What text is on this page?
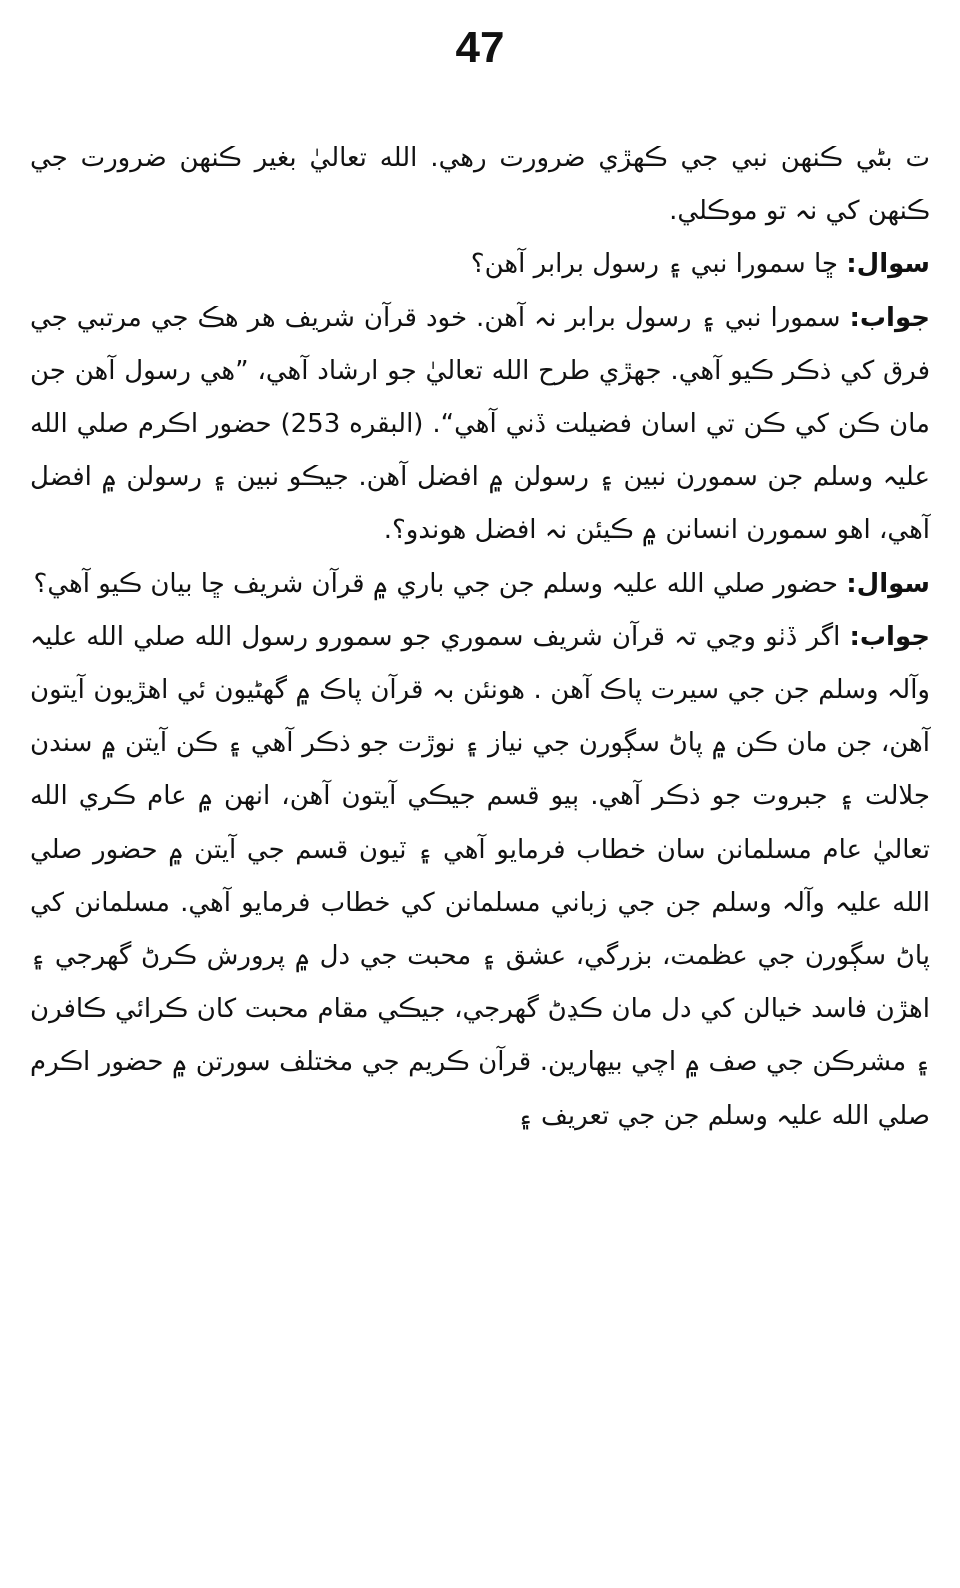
47

ت بڻي ڪنهن نبي جي ڪهڙي ضرورت رهي. الله تعاليٰ بغير ڪنهن ضرورت جي ڪنهن کي نہ تو موڪلي.

سوال: ڇا سمورا نبي ۽ رسول برابر آهن؟

جواب: سمورا نبي ۽ رسول برابر نہ آهن. خود قرآن شريف هر هڪ جي مرتبي جي فرق کي ذڪر ڪيو آهي. جهڙي طرح الله تعاليٰ جو ارشاد آهي، ”هي رسول آهن جن مان ڪن کي ڪن تي اسان فضيلت ڏني آهي“. (البقره 253) حضور اڪرم صلي الله عليہ وسلم جن سمورن نبين ۽ رسولن ۾ افضل آهن. جيڪو نبين ۽ رسولن ۾ افضل آهي، اهو سمورن انسانن ۾ ڪيئن نہ افضل هوندو؟.

سوال: حضور صلي الله عليہ وسلم جن جي باري ۾ قرآن شريف ڇا بيان ڪيو آهي؟

جواب: اگر ڏٺو وڃي تہ قرآن شريف سموري جو سمورو رسول الله صلي الله عليہ وآلہ وسلم جن جي سيرت پاڪ آهن . هونئن بہ قرآن پاڪ ۾ گهڻيون ئي اهڙيون آيتون آهن، جن مان ڪن ۾ پاڻ سڳورن جي نياز ۽ نوڙت جو ذڪر آهي ۽ ڪن آيتن ۾ سندن جلالت ۽ جبروت جو ذڪر آهي. ٻيو قسم جيڪي آيتون آهن، انهن ۾ عام ڪري الله تعاليٰ عام مسلمانن سان خطاب فرمايو آهي ۽ ٽيون قسم جي آيتن ۾ حضور صلي الله عليہ وآلہ وسلم جن جي زباني مسلمانن کي خطاب فرمايو آهي. مسلمانن کي پاڻ سڳورن جي عظمت، بزرگي، عشق ۽ محبت جي دل ۾ پرورش ڪرڻ گهرجي ۽ اهڙن فاسد خيالن کي دل مان ڪڍڻ گهرجي، جيڪي مقام محبت کان ڪرائي ڪافرن ۽ مشرڪن جي صف ۾ اچي بيهارين. قرآن ڪريم جي مختلف سورتن ۾ حضور اڪرم صلي الله عليہ وسلم جن جي تعريف ۽
